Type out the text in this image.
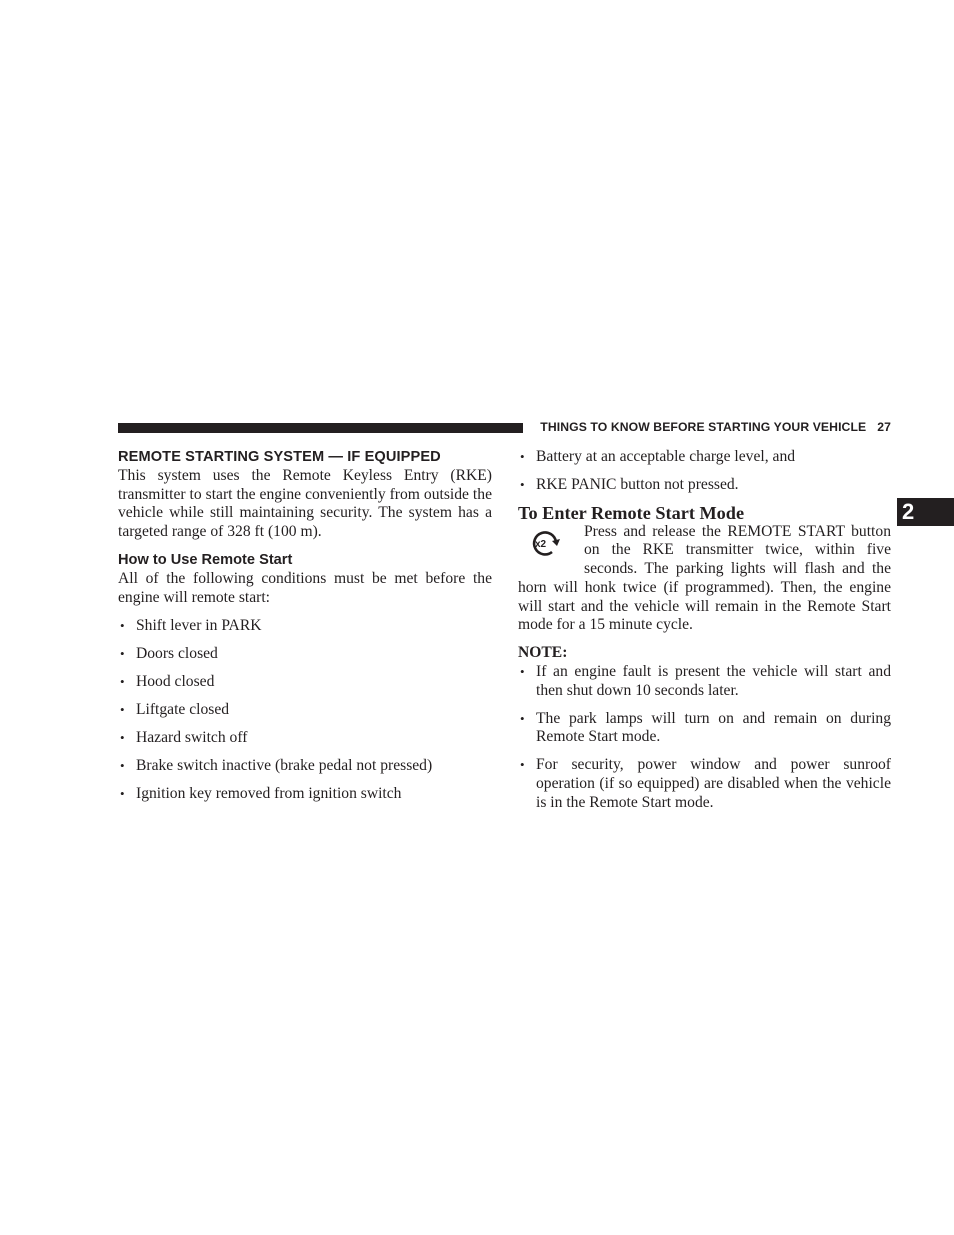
THINGS TO KNOW BEFORE STARTING YOUR VEHICLE 27
2
REMOTE STARTING SYSTEM — IF EQUIPPED

This system uses the Remote Keyless Entry (RKE) transmitter to start the engine conveniently from outside the vehicle while still maintaining security. The system has a targeted range of 328 ft (100 m).

How to Use Remote Start

All of the following conditions must be met before the engine will remote start:

• Shift lever in PARK
• Doors closed
• Hood closed
• Liftgate closed
• Hazard switch off
• Brake switch inactive (brake pedal not pressed)
• Ignition key removed from ignition switch
• Battery at an acceptable charge level, and
• RKE PANIC button not pressed.
To Enter Remote Start Mode
x2

Press and release the REMOTE START button on the RKE transmitter twice, within five seconds. The parking lights will flash and the horn will honk twice (if programmed). Then, the engine will start and the vehicle will remain in the Remote Start mode for a 15 minute cycle.

NOTE:
• If an engine fault is present the vehicle will start and then shut down 10 seconds later.
• The park lamps will turn on and remain on during Remote Start mode.
• For security, power window and power sunroof operation (if so equipped) are disabled when the vehicle is in the Remote Start mode.
